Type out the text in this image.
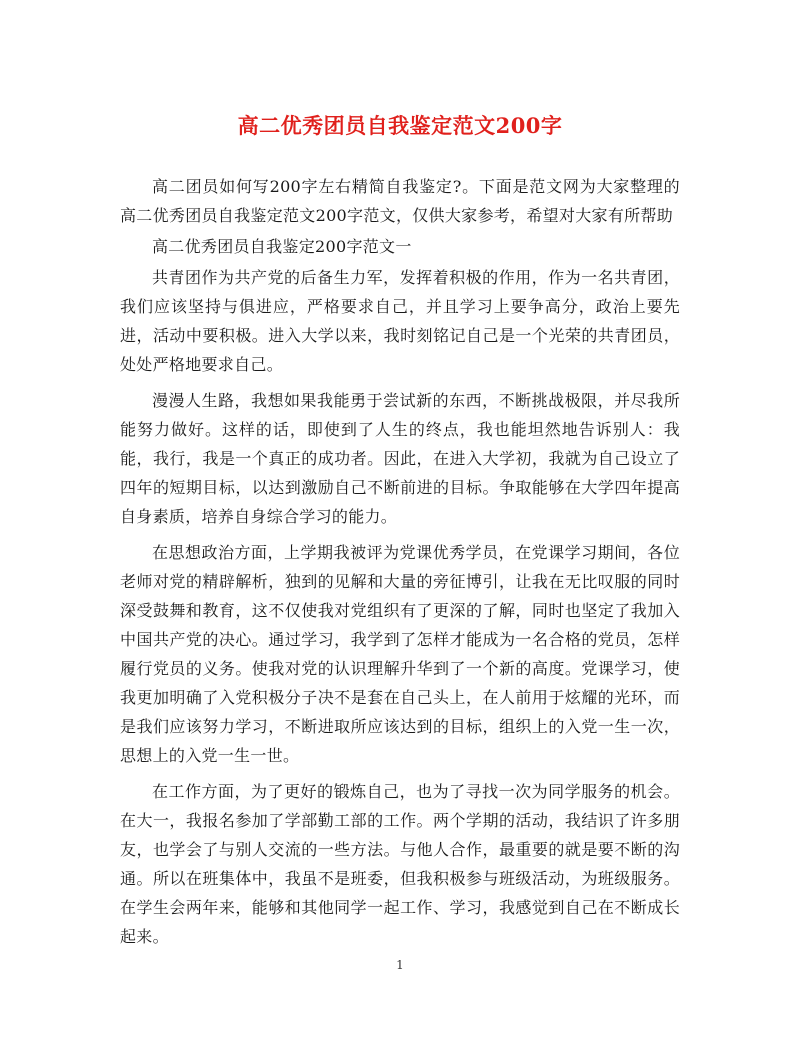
高二优秀团员自我鉴定范文200字

高二团员如何写200字左右精简自我鉴定?。下面是范文网为大家整理的高二优秀团员自我鉴定范文200字范文，仅供大家参考，希望对大家有所帮助

高二优秀团员自我鉴定200字范文一

共青团作为共产党的后备生力军，发挥着积极的作用，作为一名共青团，我们应该坚持与俱进应，严格要求自己，并且学习上要争高分，政治上要先进，活动中要积极。进入大学以来，我时刻铭记自己是一个光荣的共青团员，处处严格地要求自己。

漫漫人生路，我想如果我能勇于尝试新的东西，不断挑战极限，并尽我所能努力做好。这样的话，即使到了人生的终点，我也能坦然地告诉别人：我能，我行，我是一个真正的成功者。因此，在进入大学初，我就为自己设立了四年的短期目标，以达到激励自己不断前进的目标。争取能够在大学四年提高自身素质，培养自身综合学习的能力。

在思想政治方面，上学期我被评为党课优秀学员，在党课学习期间，各位老师对党的精辟解析，独到的见解和大量的旁征博引，让我在无比叹服的同时深受鼓舞和教育，这不仅使我对党组织有了更深的了解，同时也坚定了我加入中国共产党的决心。通过学习，我学到了怎样才能成为一名合格的党员，怎样履行党员的义务。使我对党的认识理解升华到了一个新的高度。党课学习，使我更加明确了入党积极分子决不是套在自己头上，在人前用于炫耀的光环，而是我们应该努力学习，不断进取所应该达到的目标，组织上的入党一生一次，思想上的入党一生一世。

在工作方面，为了更好的锻炼自己，也为了寻找一次为同学服务的机会。在大一，我报名参加了学部勤工部的工作。两个学期的活动，我结识了许多朋友，也学会了与别人交流的一些方法。与他人合作，最重要的就是要不断的沟通。所以在班集体中，我虽不是班委，但我积极参与班级活动，为班级服务。在学生会两年来，能够和其他同学一起工作、学习，我感觉到自己在不断成长起来。

1
